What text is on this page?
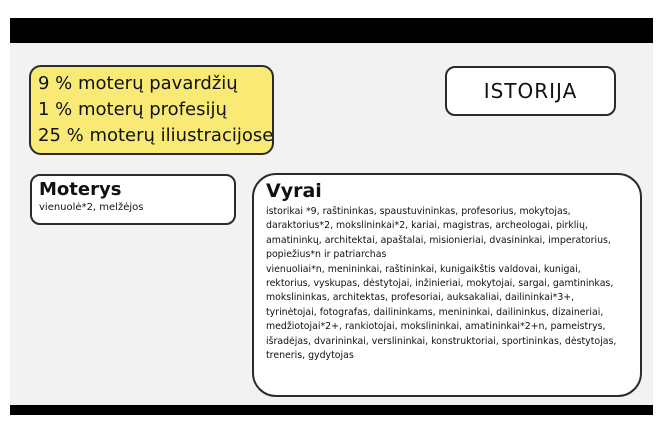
9 % moterų pavardžių
1 % moterų profesijų
25 % moterų iliustracijose
ISTORIJA
Moterys
vienuolė*2, melžėjos
Vyrai
istorikai *9, raštininkas, spaustuvininkas, profesorius, mokytojas,
daraktorius*2, mokslininkai*2, kariai, magistras, archeologai, pirklių,
amatininkų, architektai, apaštalai, misionieriai, dvasininkai, imperatorius,
popiežius*n ir patriarchas
vienuoliai*n, menininkai, raštininkai, kunigaikštis valdovai, kunigai,
rektorius, vyskupas, dėstytojai, inžinieriai, mokytojai, sargai, gamtininkas,
mokslininkas, architektas, profesoriai, auksakaliai, dailininkai*3+,
tyrinėtojai, fotografas, dailininkams, menininkai, dailininkus, dizaineriai,
medžiotojai*2+, rankiotojai, mokslininkai, amatininkai*2+n, pameistrys,
išradėjas, dvarininkai, verslininkai, konstruktoriai, sportininkas, dėstytojas,
treneris, gydytojas
